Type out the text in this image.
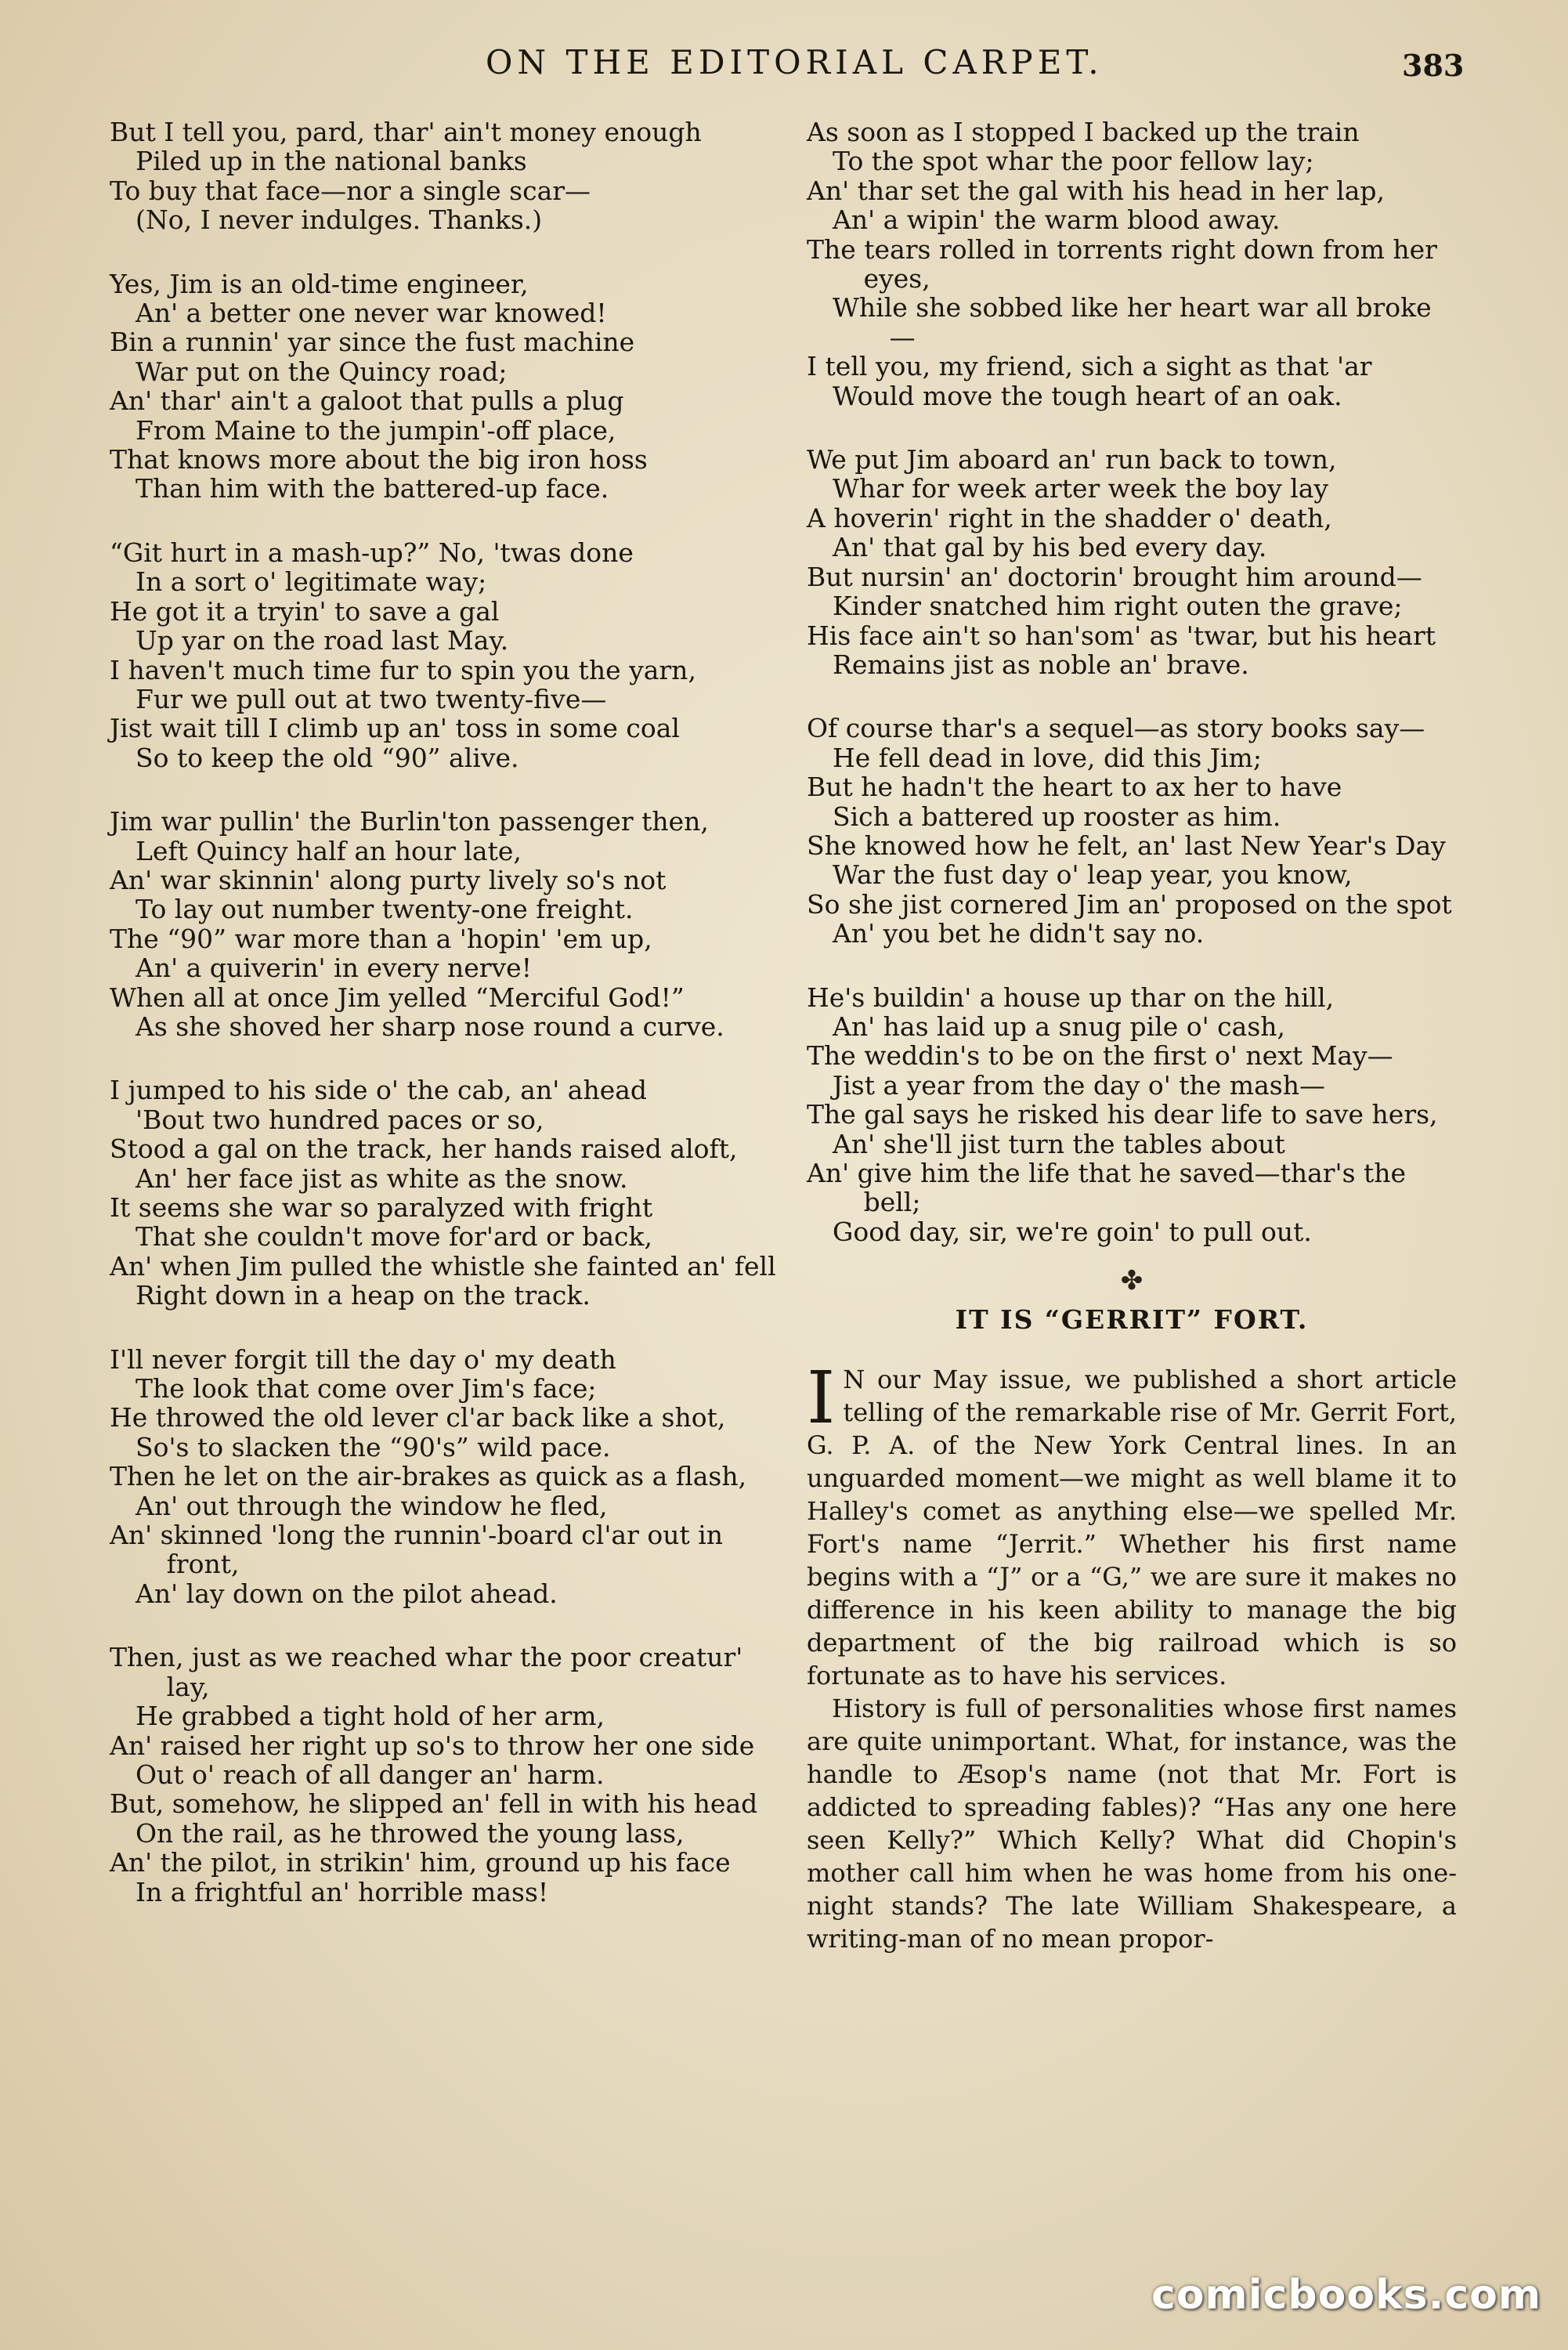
ON THE EDITORIAL CARPET.	383
But I tell you, pard, thar' ain't money enough
Piled up in the national banks
To buy that face—nor a single scar—
(No, I never indulges. Thanks.)
Yes, Jim is an old-time engineer,
An' a better one never war knowed!
Bin a runnin' yar since the fust machine
War put on the Quincy road;
An' thar' ain't a galoot that pulls a plug
From Maine to the jumpin'-off place,
That knows more about the big iron hoss
Than him with the battered-up face.
“Git hurt in a mash-up?” No, 'twas done
In a sort o' legitimate way;
He got it a tryin' to save a gal
Up yar on the road last May.
I haven't much time fur to spin you the yarn,
Fur we pull out at two twenty-five—
Jist wait till I climb up an' toss in some coal
So to keep the old “90” alive.
Jim war pullin' the Burlin'ton passenger then,
Left Quincy half an hour late,
An' war skinnin' along purty lively so's not
To lay out number twenty-one freight.
The “90” war more than a 'hopin' 'em up,
An' a quiverin' in every nerve!
When all at once Jim yelled “Merciful God!”
As she shoved her sharp nose round a curve.
I jumped to his side o' the cab, an' ahead
'Bout two hundred paces or so,
Stood a gal on the track, her hands raised aloft,
An' her face jist as white as the snow.
It seems she war so paralyzed with fright
That she couldn't move for'ard or back,
An' when Jim pulled the whistle she fainted an' fell
Right down in a heap on the track.
I'll never forgit till the day o' my death
The look that come over Jim's face;
He throwed the old lever cl'ar back like a shot,
So's to slacken the “90's” wild pace.
Then he let on the air-brakes as quick as a flash,
An' out through the window he fled,
An' skinned 'long the runnin'-board cl'ar out in front,
An' lay down on the pilot ahead.
Then, just as we reached whar the poor creatur' lay,
He grabbed a tight hold of her arm,
An' raised her right up so's to throw her one side
Out o' reach of all danger an' harm.
But, somehow, he slipped an' fell in with his head
On the rail, as he throwed the young lass,
An' the pilot, in strikin' him, ground up his face
In a frightful an' horrible mass!
As soon as I stopped I backed up the train
To the spot whar the poor fellow lay;
An' thar set the gal with his head in her lap,
An' a wipin' the warm blood away.
The tears rolled in torrents right down from her eyes,
While she sobbed like her heart war all broke—
I tell you, my friend, sich a sight as that 'ar
Would move the tough heart of an oak.
We put Jim aboard an' run back to town,
Whar for week arter week the boy lay
A hoverin' right in the shadder o' death,
An' that gal by his bed every day.
But nursin' an' doctorin' brought him around—
Kinder snatched him right outen the grave;
His face ain't so han'som' as 'twar, but his heart
Remains jist as noble an' brave.
Of course thar's a sequel—as story books say—
He fell dead in love, did this Jim;
But he hadn't the heart to ax her to have
Sich a battered up rooster as him.
She knowed how he felt, an' last New Year's Day
War the fust day o' leap year, you know,
So she jist cornered Jim an' proposed on the spot
An' you bet he didn't say no.
He's buildin' a house up thar on the hill,
An' has laid up a snug pile o' cash,
The weddin's to be on the first o' next May—
Jist a year from the day o' the mash—
The gal says he risked his dear life to save hers,
An' she'll jist turn the tables about
An' give him the life that he saved—thar's the bell;
Good day, sir, we're goin' to pull out.
✤
IT IS “GERRIT” FORT.

I N our May issue, we published a short article telling of the remarkable rise of Mr. Gerrit Fort, G. P. A. of the New York Central lines. In an unguarded moment—we might as well blame it to Halley's comet as anything else—we spelled Mr. Fort's name “Jerrit.” Whether his first name begins with a “J” or a “G,” we are sure it makes no difference in his keen ability to manage the big department of the big railroad which is so fortunate as to have his services.

History is full of personalities whose first names are quite unimportant. What, for instance, was the handle to Æsop's name (not that Mr. Fort is addicted to spreading fables)? “Has any one here seen Kelly?” Which Kelly? What did Chopin's mother call him when he was home from his one-night stands? The late William Shakespeare, a writing-man of no mean propor-

comicbooks.com
